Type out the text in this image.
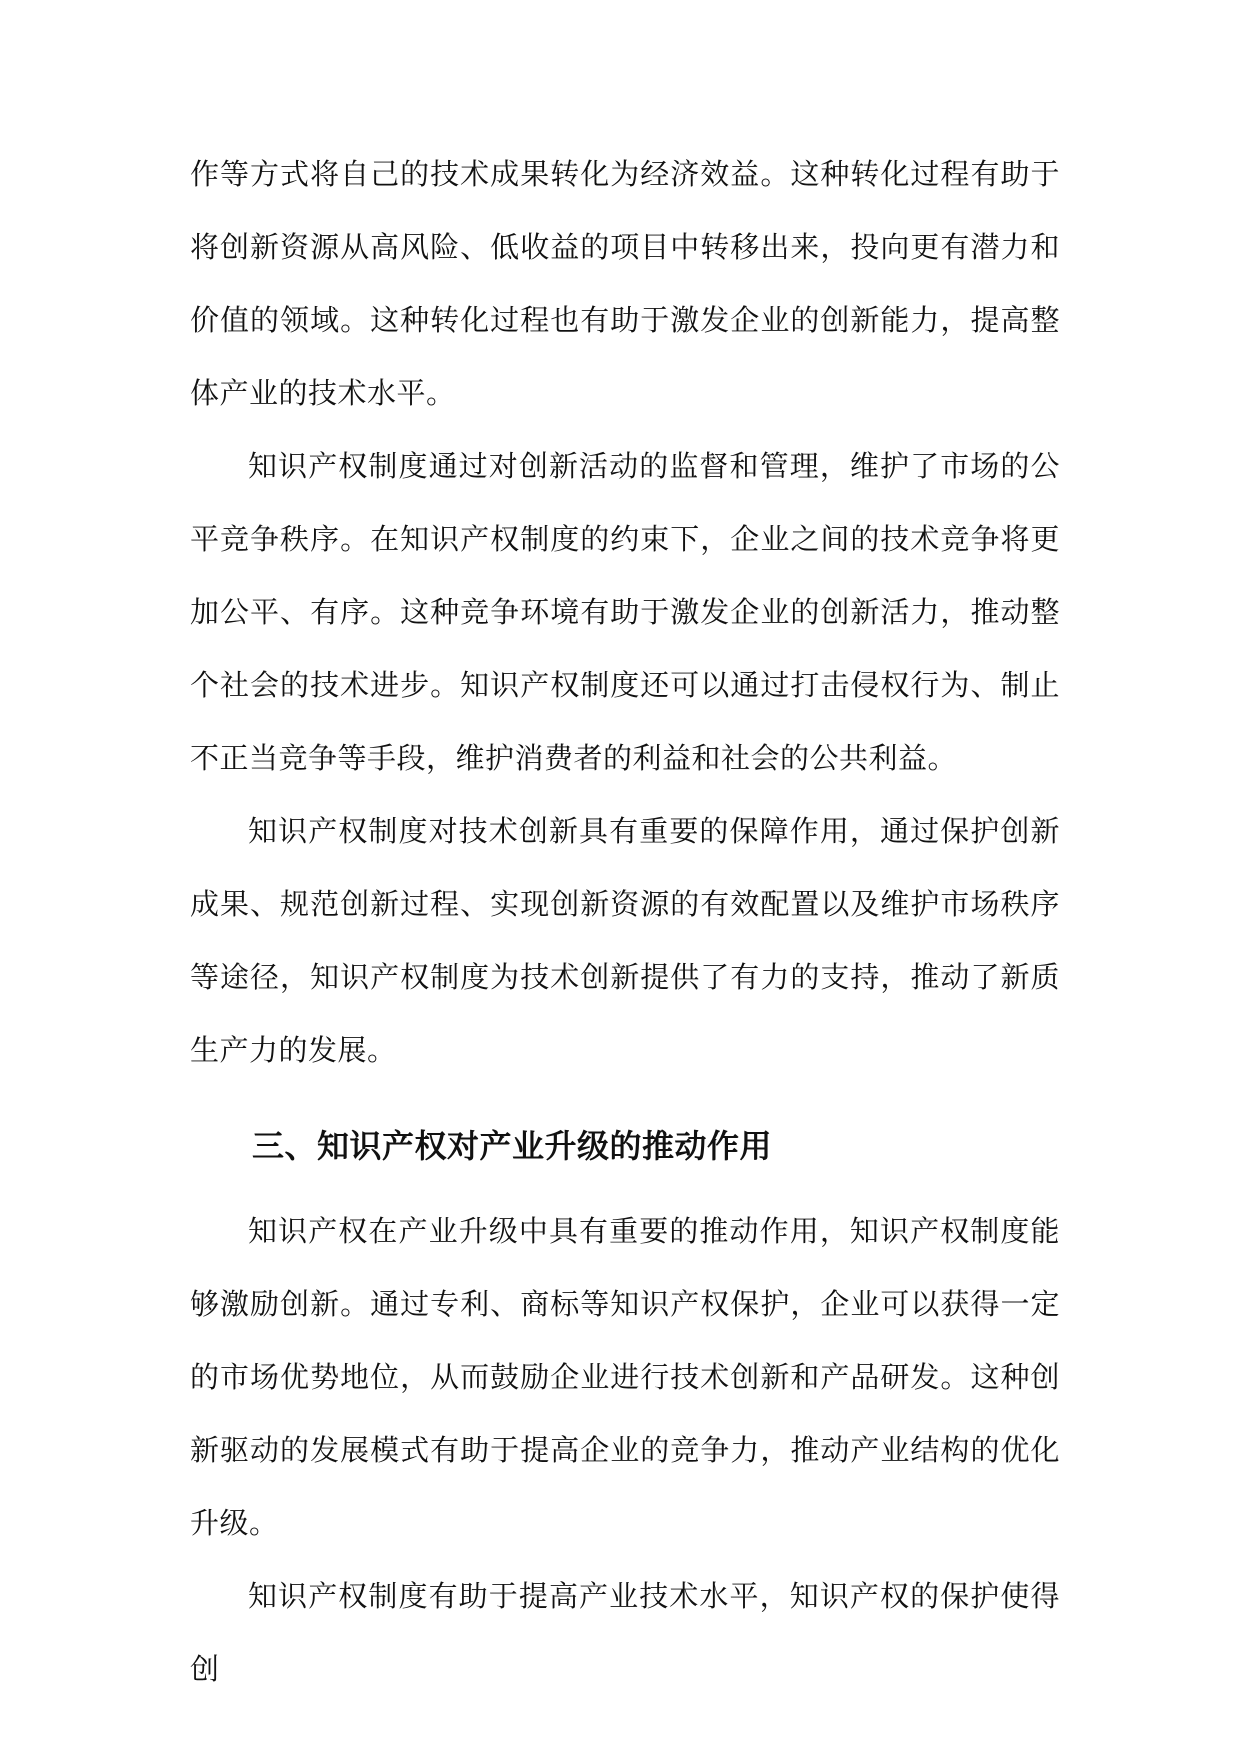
作等方式将自己的技术成果转化为经济效益。这种转化过程有助于将创新资源从高风险、低收益的项目中转移出来，投向更有潜力和价值的领域。这种转化过程也有助于激发企业的创新能力，提高整体产业的技术水平。

知识产权制度通过对创新活动的监督和管理，维护了市场的公平竞争秩序。在知识产权制度的约束下，企业之间的技术竞争将更加公平、有序。这种竞争环境有助于激发企业的创新活力，推动整个社会的技术进步。知识产权制度还可以通过打击侵权行为、制止不正当竞争等手段，维护消费者的利益和社会的公共利益。

知识产权制度对技术创新具有重要的保障作用，通过保护创新成果、规范创新过程、实现创新资源的有效配置以及维护市场秩序等途径，知识产权制度为技术创新提供了有力的支持，推动了新质生产力的发展。

三、知识产权对产业升级的推动作用

知识产权在产业升级中具有重要的推动作用，知识产权制度能够激励创新。通过专利、商标等知识产权保护，企业可以获得一定的市场优势地位，从而鼓励企业进行技术创新和产品研发。这种创新驱动的发展模式有助于提高企业的竞争力，推动产业结构的优化升级。

知识产权制度有助于提高产业技术水平，知识产权的保护使得创
